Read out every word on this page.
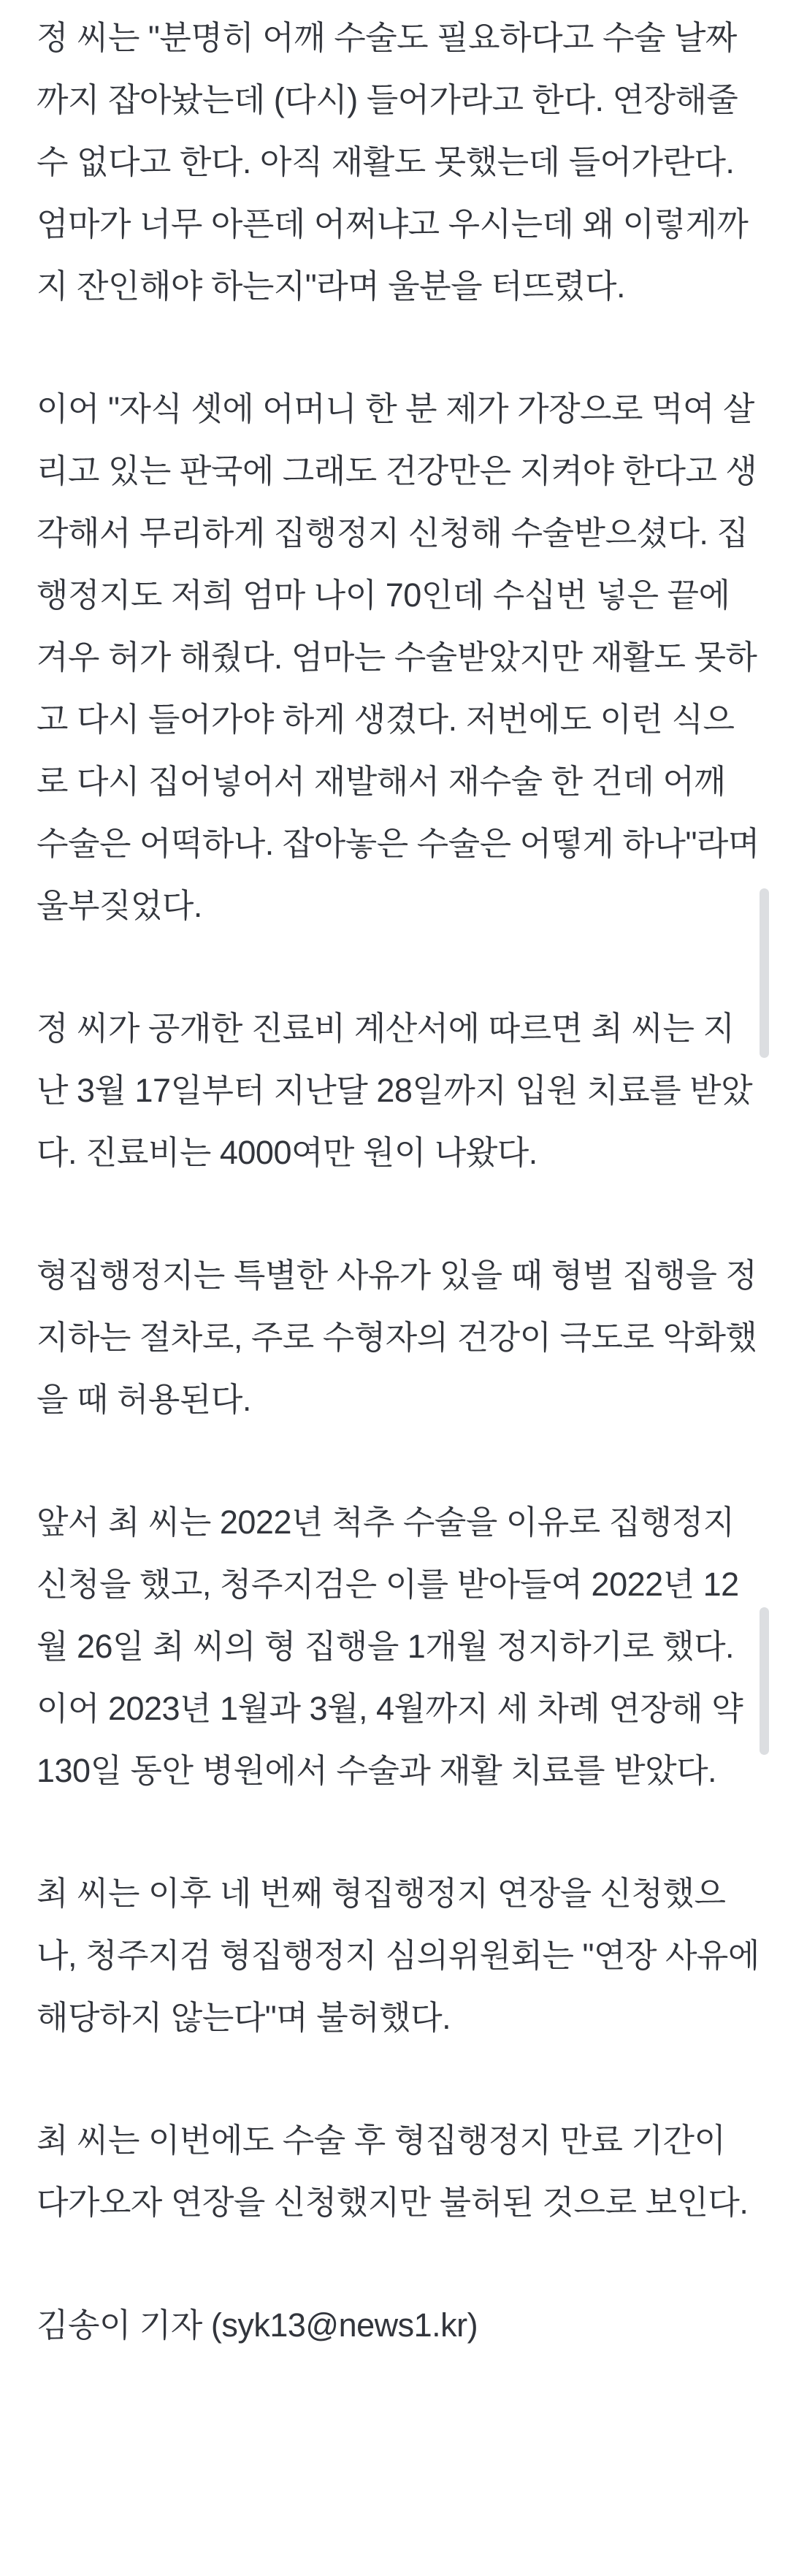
정 씨는 "분명히 어깨 수술도 필요하다고 수술 날짜까지 잡아놨는데 (다시) 들어가라고 한다. 연장해줄 수 없다고 한다. 아직 재활도 못했는데 들어가란다. 엄마가 너무 아픈데 어쩌냐고 우시는데 왜 이렇게까지 잔인해야 하는지"라며 울분을 터뜨렸다.

이어 "자식 셋에 어머니 한 분 제가 가장으로 먹여 살리고 있는 판국에 그래도 건강만은 지켜야 한다고 생각해서 무리하게 집행정지 신청해 수술받으셨다. 집행정지도 저희 엄마 나이 70인데 수십번 넣은 끝에 겨우 허가 해줬다. 엄마는 수술받았지만 재활도 못하고 다시 들어가야 하게 생겼다. 저번에도 이런 식으로 다시 집어넣어서 재발해서 재수술 한 건데 어깨 수술은 어떡하나. 잡아놓은 수술은 어떻게 하나"라며 울부짖었다.

정 씨가 공개한 진료비 계산서에 따르면 최 씨는 지난 3월 17일부터 지난달 28일까지 입원 치료를 받았다. 진료비는 4000여만 원이 나왔다.

형집행정지는 특별한 사유가 있을 때 형벌 집행을 정지하는 절차로, 주로 수형자의 건강이 극도로 악화했을 때 허용된다.

앞서 최 씨는 2022년 척추 수술을 이유로 집행정지 신청을 했고, 청주지검은 이를 받아들여 2022년 12월 26일 최 씨의 형 집행을 1개월 정지하기로 했다. 이어 2023년 1월과 3월, 4월까지 세 차례 연장해 약 130일 동안 병원에서 수술과 재활 치료를 받았다.

최 씨는 이후 네 번째 형집행정지 연장을 신청했으나, 청주지검 형집행정지 심의위원회는 "연장 사유에 해당하지 않는다"며 불허했다.

최 씨는 이번에도 수술 후 형집행정지 만료 기간이 다가오자 연장을 신청했지만 불허된 것으로 보인다.

김송이 기자 (syk13@news1.kr)
